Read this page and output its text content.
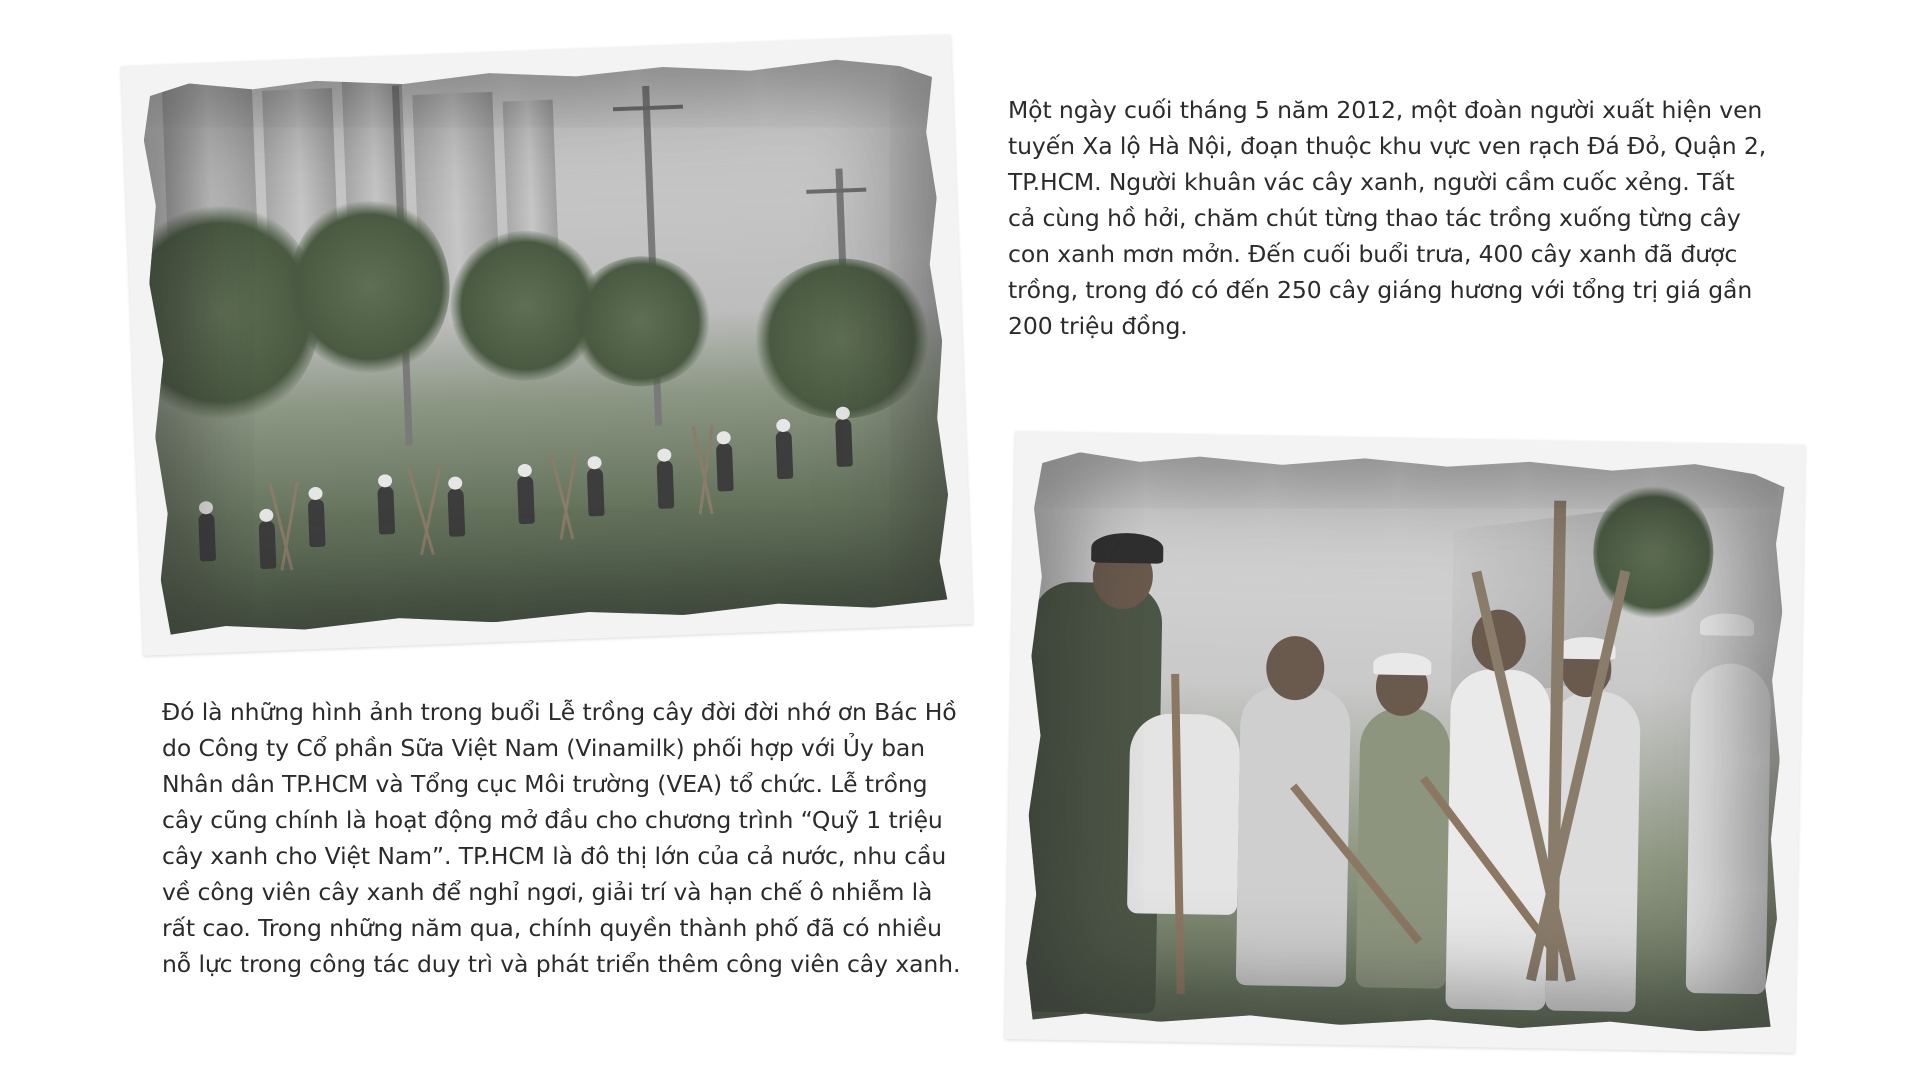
Một ngày cuối tháng 5 năm 2012, một đoàn người xuất hiện ven tuyến Xa lộ Hà Nội, đoạn thuộc khu vực ven rạch Đá Đỏ, Quận 2, TP.HCM. Người khuân vác cây xanh, người cầm cuốc xẻng. Tất cả cùng hồ hởi, chăm chút từng thao tác trồng xuống từng cây con xanh mơn mởn. Đến cuối buổi trưa, 400 cây xanh đã được trồng, trong đó có đến 250 cây giáng hương với tổng trị giá gần 200 triệu đồng.

Đó là những hình ảnh trong buổi Lễ trồng cây đời đời nhớ ơn Bác Hồ do Công ty Cổ phần Sữa Việt Nam (Vinamilk) phối hợp với Ủy ban Nhân dân TP.HCM và Tổng cục Môi trường (VEA) tổ chức. Lễ trồng cây cũng chính là hoạt động mở đầu cho chương trình “Quỹ 1 triệu cây xanh cho Việt Nam”. TP.HCM là đô thị lớn của cả nước, nhu cầu về công viên cây xanh để nghỉ ngơi, giải trí và hạn chế ô nhiễm là rất cao. Trong những năm qua, chính quyền thành phố đã có nhiều nỗ lực trong công tác duy trì và phát triển thêm công viên cây xanh.
